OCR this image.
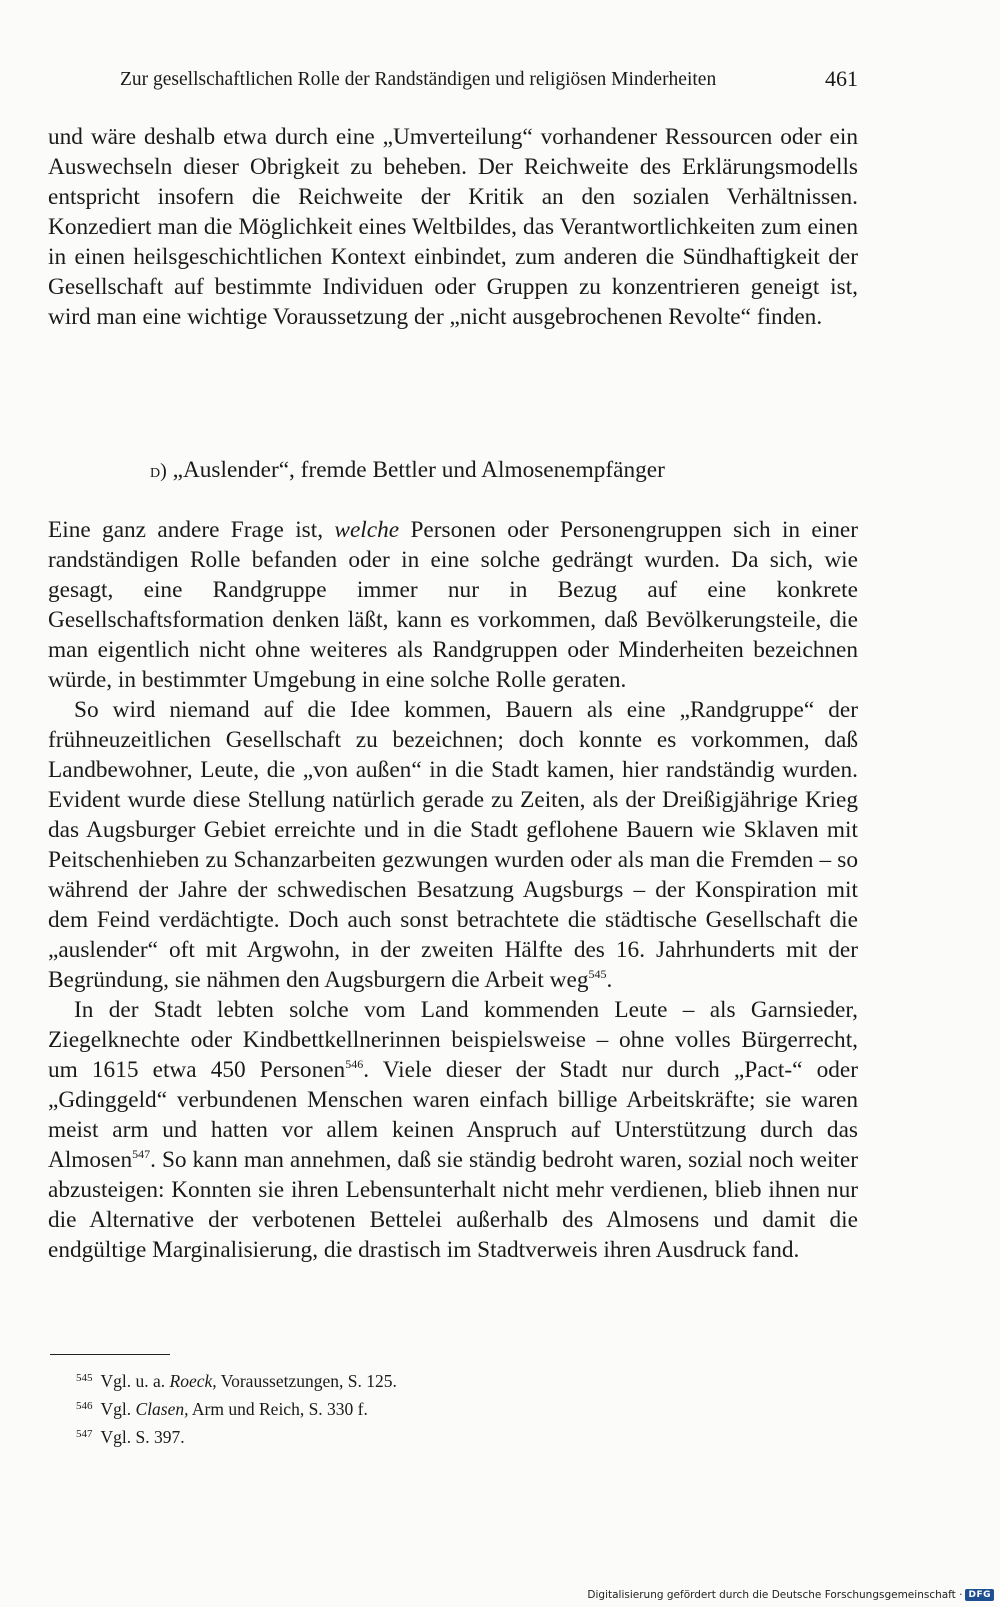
Zur gesellschaftlichen Rolle der Randständigen und religiösen Minderheiten	461

und wäre deshalb etwa durch eine „Umverteilung“ vorhandener Ressourcen oder ein Auswechseln dieser Obrigkeit zu beheben. Der Reichweite des Erklärungsmodells entspricht insofern die Reichweite der Kritik an den sozialen Verhältnissen. Konzediert man die Möglichkeit eines Weltbildes, das Verantwortlichkeiten zum einen in einen heilsgeschichtlichen Kontext einbindet, zum anderen die Sündhaftigkeit der Gesellschaft auf bestimmte Individuen oder Gruppen zu konzentrieren geneigt ist, wird man eine wichtige Voraussetzung der „nicht ausgebrochenen Revolte“ finden.

d) „Auslender“, fremde Bettler und Almosenempfänger

Eine ganz andere Frage ist, welche Personen oder Personengruppen sich in einer randständigen Rolle befanden oder in eine solche gedrängt wurden. Da sich, wie gesagt, eine Randgruppe immer nur in Bezug auf eine konkrete Gesellschaftsformation denken läßt, kann es vorkommen, daß Bevölkerungsteile, die man eigentlich nicht ohne weiteres als Randgruppen oder Minderheiten bezeichnen würde, in bestimmter Umgebung in eine solche Rolle geraten.

So wird niemand auf die Idee kommen, Bauern als eine „Randgruppe“ der frühneuzeitlichen Gesellschaft zu bezeichnen; doch konnte es vorkommen, daß Landbewohner, Leute, die „von außen“ in die Stadt kamen, hier randständig wurden. Evident wurde diese Stellung natürlich gerade zu Zeiten, als der Dreißigjährige Krieg das Augsburger Gebiet erreichte und in die Stadt geflohene Bauern wie Sklaven mit Peitschenhieben zu Schanzarbeiten gezwungen wurden oder als man die Fremden – so während der Jahre der schwedischen Besatzung Augsburgs – der Konspiration mit dem Feind verdächtigte. Doch auch sonst betrachtete die städtische Gesellschaft die „auslender“ oft mit Argwohn, in der zweiten Hälfte des 16. Jahrhunderts mit der Begründung, sie nähmen den Augsburgern die Arbeit weg$^{545}$.

In der Stadt lebten solche vom Land kommenden Leute – als Garnsieder, Ziegelknechte oder Kindbettkellnerinnen beispielsweise – ohne volles Bürgerrecht, um 1615 etwa 450 Personen$^{546}$. Viele dieser der Stadt nur durch „Pact-“ oder „Gdinggeld“ verbundenen Menschen waren einfach billige Arbeitskräfte; sie waren meist arm und hatten vor allem keinen Anspruch auf Unterstützung durch das Almosen$^{547}$. So kann man annehmen, daß sie ständig bedroht waren, sozial noch weiter abzusteigen: Konnten sie ihren Lebensunterhalt nicht mehr verdienen, blieb ihnen nur die Alternative der verbotenen Bettelei außerhalb des Almosens und damit die endgültige Marginalisierung, die drastisch im Stadtverweis ihren Ausdruck fand.

$^{545}$ Vgl. u. a. Roeck, Voraussetzungen, S. 125.

$^{546}$ Vgl. Clasen, Arm und Reich, S. 330 f.

$^{547}$ Vgl. S. 397.

Digitalisierung gefördert durch die Deutsche Forschungsgemeinschaft · DFG
